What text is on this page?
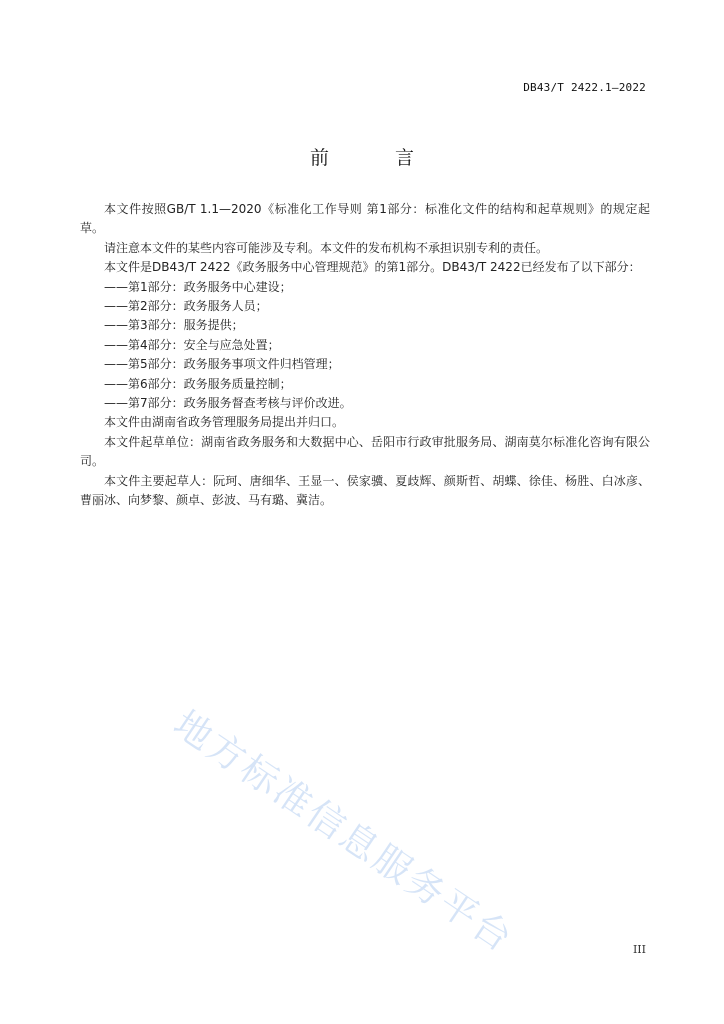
DB43/T 2422.1—2022
前 言

本文件按照GB/T 1.1—2020《标准化工作导则 第1部分：标准化文件的结构和起草规则》的规定起草。

请注意本文件的某些内容可能涉及专利。本文件的发布机构不承担识别专利的责任。

本文件是DB43/T 2422《政务服务中心管理规范》的第1部分。DB43/T 2422已经发布了以下部分：

——第1部分：政务服务中心建设；

——第2部分：政务服务人员；

——第3部分：服务提供；

——第4部分：安全与应急处置；

——第5部分：政务服务事项文件归档管理；

——第6部分：政务服务质量控制；

——第7部分：政务服务督查考核与评价改进。

本文件由湖南省政务管理服务局提出并归口。

本文件起草单位：湖南省政务服务和大数据中心、岳阳市行政审批服务局、湖南莫尔标准化咨询有限公司。

本文件主要起草人：阮珂、唐细华、王显一、侯家骥、夏歧辉、颜斯哲、胡蝶、徐佳、杨胜、白冰彦、曹丽冰、向梦黎、颜卓、彭波、马有璐、冀洁。

地方标准信息服务平台	III
